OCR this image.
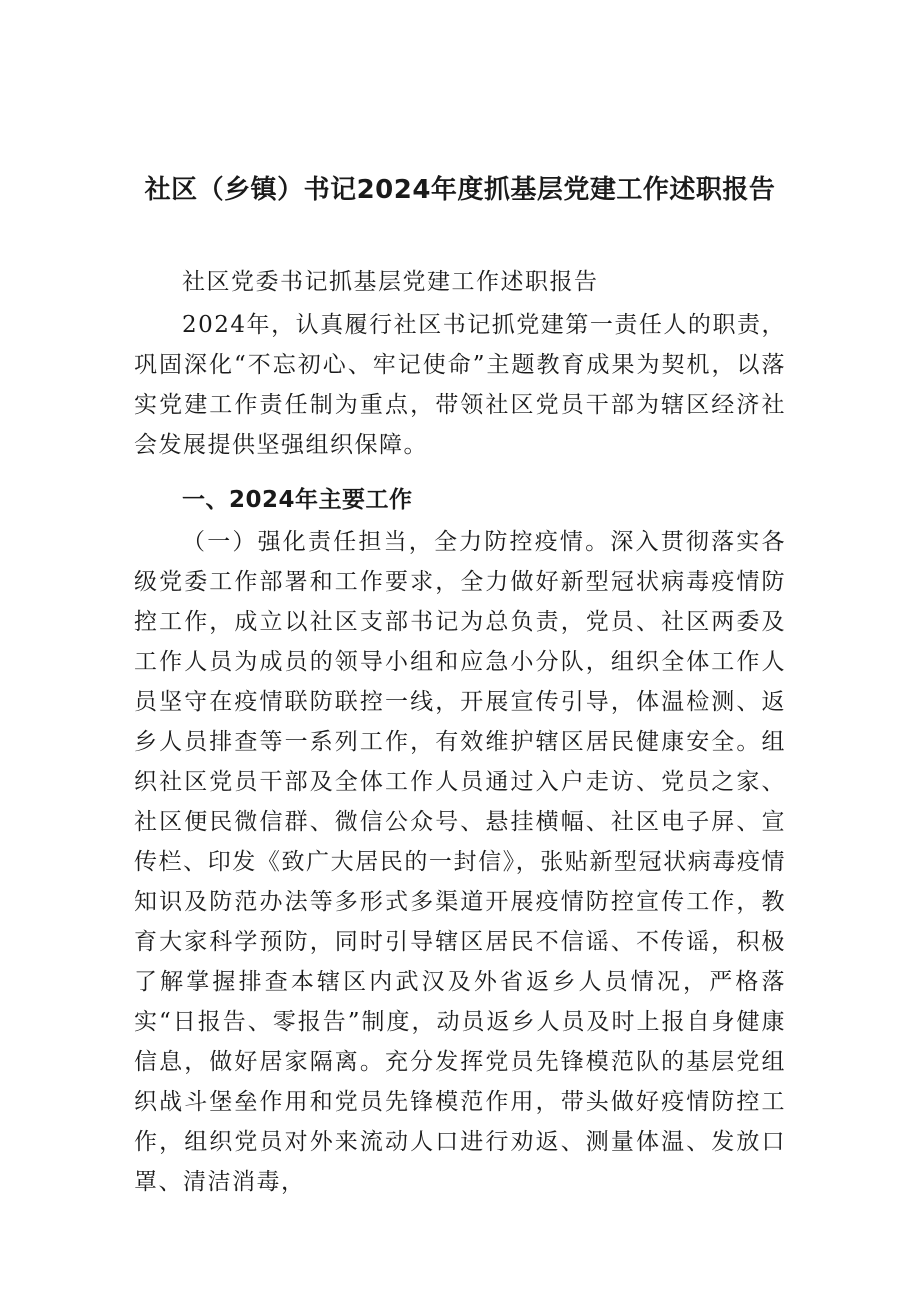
社区（乡镇）书记2024年度抓基层党建工作述职报告

社区党委书记抓基层党建工作述职报告

2024年，认真履行社区书记抓党建第一责任人的职责，巩固深化“不忘初心、牢记使命”主题教育成果为契机，以落实党建工作责任制为重点，带领社区党员干部为辖区经济社会发展提供坚强组织保障。

一、2024年主要工作

（一）强化责任担当，全力防控疫情。深入贯彻落实各级党委工作部署和工作要求，全力做好新型冠状病毒疫情防控工作，成立以社区支部书记为总负责，党员、社区两委及工作人员为成员的领导小组和应急小分队，组织全体工作人员坚守在疫情联防联控一线，开展宣传引导，体温检测、返乡人员排查等一系列工作，有效维护辖区居民健康安全。组织社区党员干部及全体工作人员通过入户走访、党员之家、社区便民微信群、微信公众号、悬挂横幅、社区电子屏、宣传栏、印发《致广大居民的一封信》，张贴新型冠状病毒疫情知识及防范办法等多形式多渠道开展疫情防控宣传工作，教育大家科学预防，同时引导辖区居民不信谣、不传谣，积极了解掌握排查本辖区内武汉及外省返乡人员情况，严格落实“日报告、零报告”制度，动员返乡人员及时上报自身健康信息，做好居家隔离。充分发挥党员先锋模范队的基层党组织战斗堡垒作用和党员先锋模范作用，带头做好疫情防控工作，组织党员对外来流动人口进行劝返、测量体温、发放口罩、清洁消毒，
